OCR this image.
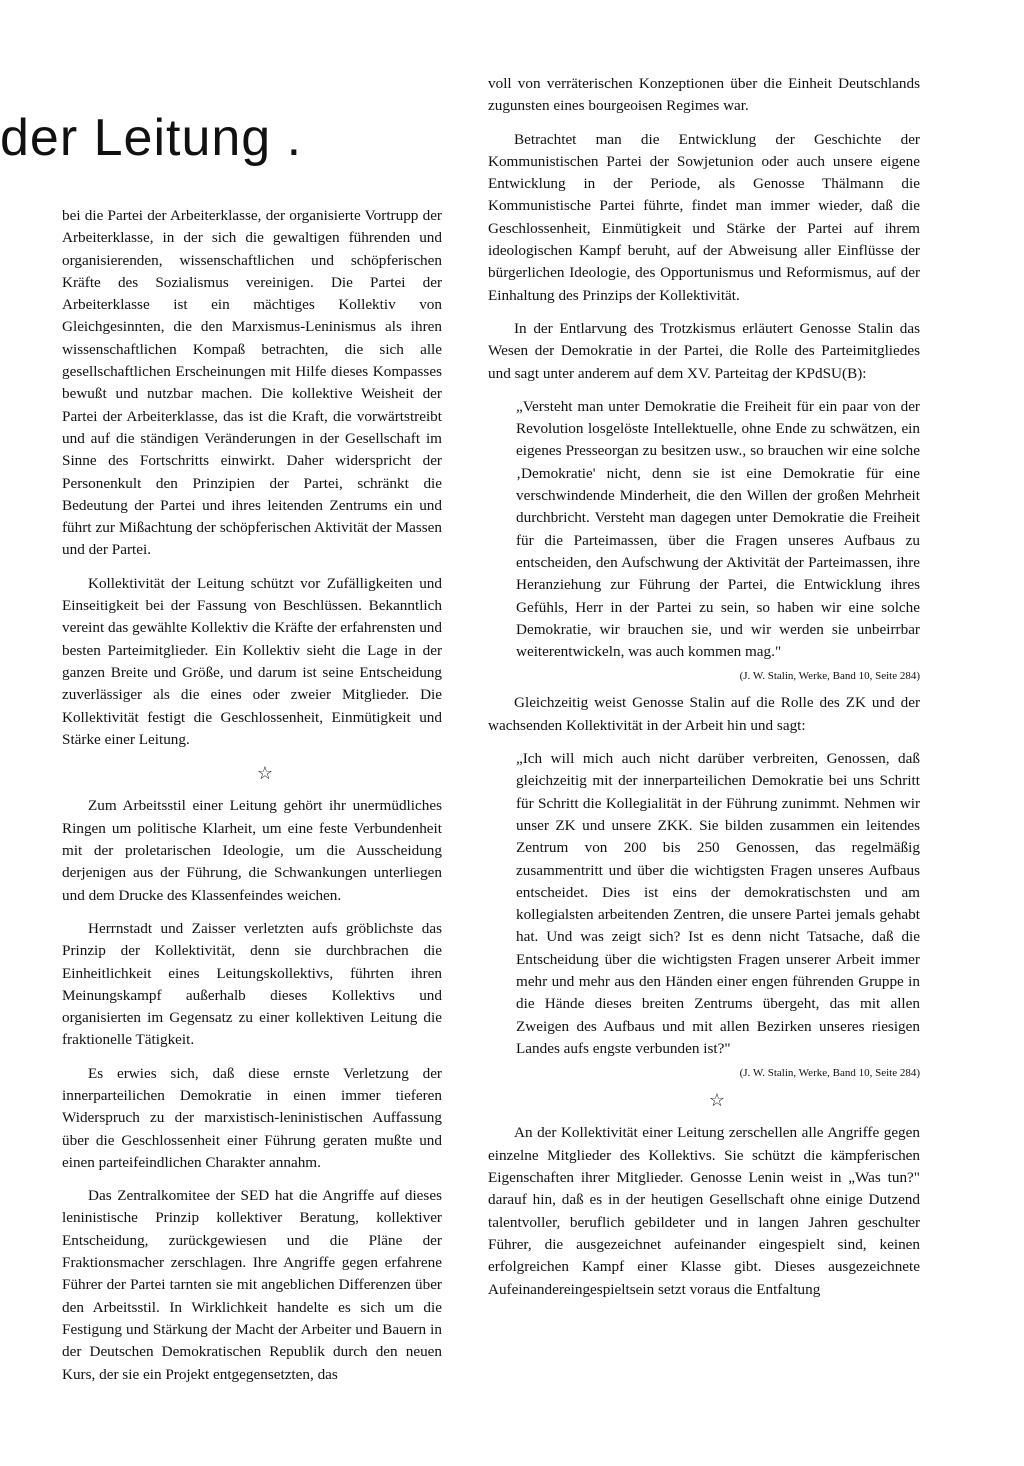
der Leitung .

bei die Partei der Arbeiterklasse, der organisierte Vortrupp der Arbeiterklasse, in der sich die gewaltigen führenden und organisierenden, wissenschaftlichen und schöpferischen Kräfte des Sozialismus vereinigen. Die Partei der Arbeiterklasse ist ein mächtiges Kollektiv von Gleichgesinnten, die den Marxismus-Leninismus als ihren wissenschaftlichen Kompaß betrachten, die sich alle gesellschaftlichen Erscheinungen mit Hilfe dieses Kompasses bewußt und nutzbar machen. Die kollektive Weisheit der Partei der Arbeiterklasse, das ist die Kraft, die vorwärtstreibt und auf die ständigen Veränderungen in der Gesellschaft im Sinne des Fortschritts einwirkt. Daher widerspricht der Personenkult den Prinzipien der Partei, schränkt die Bedeutung der Partei und ihres leitenden Zentrums ein und führt zur Mißachtung der schöpferischen Aktivität der Massen und der Partei.

Kollektivität der Leitung schützt vor Zufälligkeiten und Einseitigkeit bei der Fassung von Beschlüssen. Bekanntlich vereint das gewählte Kollektiv die Kräfte der erfahrensten und besten Parteimitglieder. Ein Kollektiv sieht die Lage in der ganzen Breite und Größe, und darum ist seine Entscheidung zuverlässiger als die eines oder zweier Mitglieder. Die Kollektivität festigt die Geschlossenheit, Einmütigkeit und Stärke einer Leitung.

☆

Zum Arbeitsstil einer Leitung gehört ihr unermüdliches Ringen um politische Klarheit, um eine feste Verbundenheit mit der proletarischen Ideologie, um die Ausscheidung derjenigen aus der Führung, die Schwankungen unterliegen und dem Drucke des Klassenfeindes weichen.

Herrnstadt und Zaisser verletzten aufs gröblichste das Prinzip der Kollektivität, denn sie durchbrachen die Einheitlichkeit eines Leitungskollektivs, führten ihren Meinungskampf außerhalb dieses Kollektivs und organisierten im Gegensatz zu einer kollektiven Leitung die fraktionelle Tätigkeit.

Es erwies sich, daß diese ernste Verletzung der innerparteilichen Demokratie in einen immer tieferen Widerspruch zu der marxistisch-leninistischen Auffassung über die Geschlossenheit einer Führung geraten mußte und einen parteifeindlichen Charakter annahm.

Das Zentralkomitee der SED hat die Angriffe auf dieses leninistische Prinzip kollektiver Beratung, kollektiver Entscheidung, zurückgewiesen und die Pläne der Fraktionsmacher zerschlagen. Ihre Angriffe gegen erfahrene Führer der Partei tarnten sie mit angeblichen Differenzen über den Arbeitsstil. In Wirklichkeit handelte es sich um die Festigung und Stärkung der Macht der Arbeiter und Bauern in der Deutschen Demokratischen Republik durch den neuen Kurs, der sie ein Projekt entgegensetzten, das

voll von verräterischen Konzeptionen über die Einheit Deutschlands zugunsten eines bourgeoisen Regimes war.

Betrachtet man die Entwicklung der Geschichte der Kommunistischen Partei der Sowjetunion oder auch unsere eigene Entwicklung in der Periode, als Genosse Thälmann die Kommunistische Partei führte, findet man immer wieder, daß die Geschlossenheit, Einmütigkeit und Stärke der Partei auf ihrem ideologischen Kampf beruht, auf der Abweisung aller Einflüsse der bürgerlichen Ideologie, des Opportunismus und Reformismus, auf der Einhaltung des Prinzips der Kollektivität.

In der Entlarvung des Trotzkismus erläutert Genosse Stalin das Wesen der Demokratie in der Partei, die Rolle des Parteimitgliedes und sagt unter anderem auf dem XV. Parteitag der KPdSU(B):

„Versteht man unter Demokratie die Freiheit für ein paar von der Revolution losgelöste Intellektuelle, ohne Ende zu schwätzen, ein eigenes Presseorgan zu besitzen usw., so brauchen wir eine solche ‚Demokratie' nicht, denn sie ist eine Demokratie für eine verschwindende Minderheit, die den Willen der großen Mehrheit durchbricht. Versteht man dagegen unter Demokratie die Freiheit für die Parteimassen, über die Fragen unseres Aufbaus zu entscheiden, den Aufschwung der Aktivität der Parteimassen, ihre Heranziehung zur Führung der Partei, die Entwicklung ihres Gefühls, Herr in der Partei zu sein, so haben wir eine solche Demokratie, wir brauchen sie, und wir werden sie unbeirrbar weiterentwickeln, was auch kommen mag."

(J. W. Stalin, Werke, Band 10, Seite 284)

Gleichzeitig weist Genosse Stalin auf die Rolle des ZK und der wachsenden Kollektivität in der Arbeit hin und sagt:

„Ich will mich auch nicht darüber verbreiten, Genossen, daß gleichzeitig mit der innerparteilichen Demokratie bei uns Schritt für Schritt die Kollegialität in der Führung zunimmt. Nehmen wir unser ZK und unsere ZKK. Sie bilden zusammen ein leitendes Zentrum von 200 bis 250 Genossen, das regelmäßig zusammentritt und über die wichtigsten Fragen unseres Aufbaus entscheidet. Dies ist eins der demokratischsten und am kollegialsten arbeitenden Zentren, die unsere Partei jemals gehabt hat. Und was zeigt sich? Ist es denn nicht Tatsache, daß die Entscheidung über die wichtigsten Fragen unserer Arbeit immer mehr und mehr aus den Händen einer engen führenden Gruppe in die Hände dieses breiten Zentrums übergeht, das mit allen Zweigen des Aufbaus und mit allen Bezirken unseres riesigen Landes aufs engste verbunden ist?"

(J. W. Stalin, Werke, Band 10, Seite 284)

☆

An der Kollektivität einer Leitung zerschellen alle Angriffe gegen einzelne Mitglieder des Kollektivs. Sie schützt die kämpferischen Eigenschaften ihrer Mitglieder. Genosse Lenin weist in „Was tun?" darauf hin, daß es in der heutigen Gesellschaft ohne einige Dutzend talentvoller, beruflich gebildeter und in langen Jahren geschulter Führer, die ausgezeichnet aufeinander eingespielt sind, keinen erfolgreichen Kampf einer Klasse gibt. Dieses ausgezeichnete Aufeinandereingespieltsein setzt voraus die Entfaltung
